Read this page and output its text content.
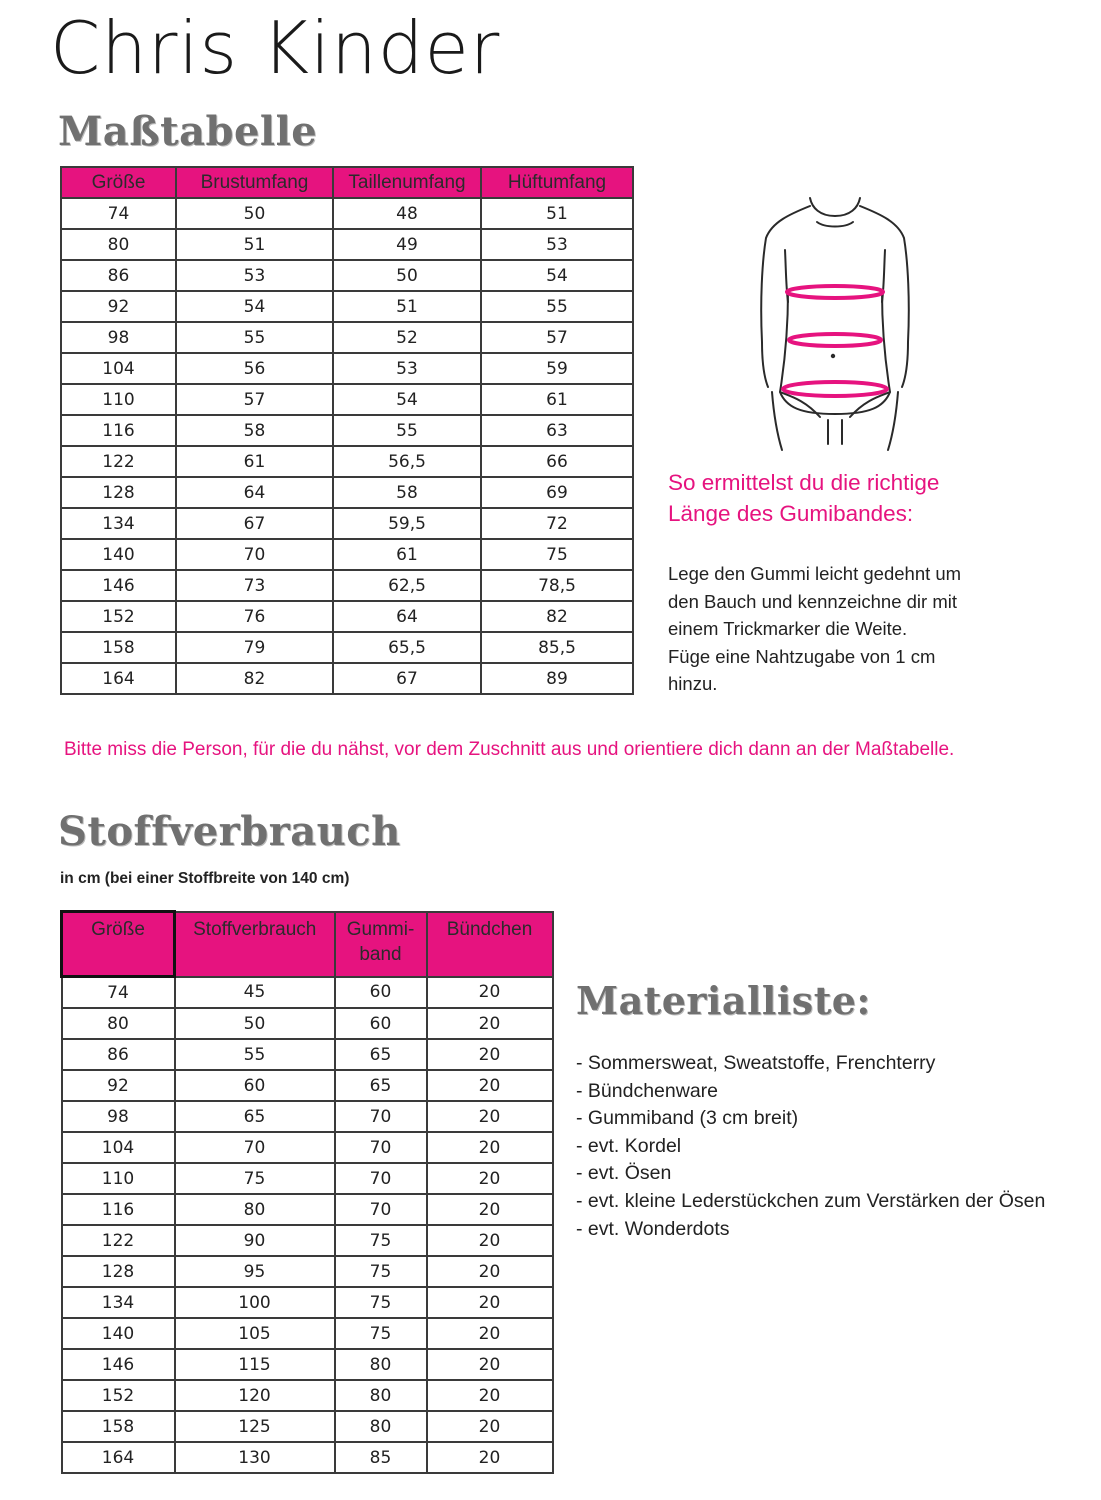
Chris Kinder
Maßtabelle
Größe	Brustumfang	Taillenumfang	Hüftumfang
74	50	48	51
80	51	49	53
86	53	50	54
92	54	51	55
98	55	52	57
104	56	53	59
110	57	54	61
116	58	55	63
122	61	56,5	66
128	64	58	69
134	67	59,5	72
140	70	61	75
146	73	62,5	78,5
152	76	64	82
158	79	65,5	85,5
164	82	67	89
So ermittelst du die richtige
Länge des Gumibandes:
Lege den Gummi leicht gedehnt um
den Bauch und kennzeichne dir mit
einem Trickmarker die Weite.
Füge eine Nahtzugabe von 1 cm
hinzu.
Bitte miss die Person, für die du nähst, vor dem Zuschnitt aus und orientiere dich dann an der Maßtabelle.
Stoffverbrauch
in cm (bei einer Stoffbreite von 140 cm)
Größe	Stoffverbrauch	Gummi-
band	Bündchen
74	45	60	20
80	50	60	20
86	55	65	20
92	60	65	20
98	65	70	20
104	70	70	20
110	75	70	20
116	80	70	20
122	90	75	20
128	95	75	20
134	100	75	20
140	105	75	20
146	115	80	20
152	120	80	20
158	125	80	20
164	130	85	20
Materialliste:
- Sommersweat, Sweatstoffe, Frenchterry
- Bündchenware
- Gummiband (3 cm breit)
- evt. Kordel
- evt. Ösen
- evt. kleine Lederstückchen zum Verstärken der Ösen
- evt. Wonderdots
